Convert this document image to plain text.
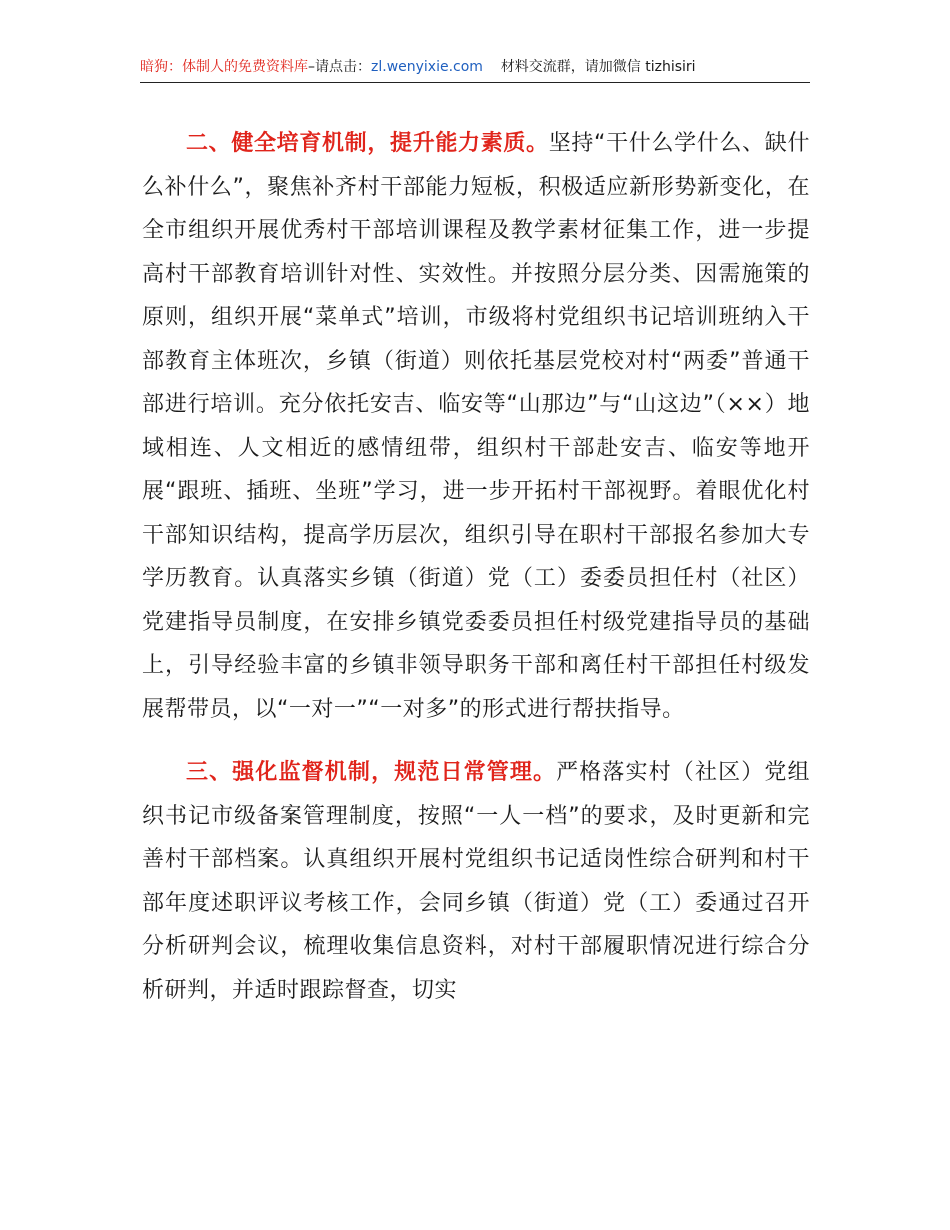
暗狗：体制人的免费资料库–请点击：zl.wenyixie.com 材料交流群，请加微信 tizhisiri

二、健全培育机制，提升能力素质。坚持“干什么学什么、缺什么补什么”，聚焦补齐村干部能力短板，积极适应新形势新变化，在全市组织开展优秀村干部培训课程及教学素材征集工作，进一步提高村干部教育培训针对性、实效性。并按照分层分类、因需施策的原则，组织开展“菜单式”培训，市级将村党组织书记培训班纳入干部教育主体班次，乡镇（街道）则依托基层党校对村“两委”普通干部进行培训。充分依托安吉、临安等“山那边”与“山这边”（××）地域相连、人文相近的感情纽带，组织村干部赴安吉、临安等地开展“跟班、插班、坐班”学习，进一步开拓村干部视野。着眼优化村干部知识结构，提高学历层次，组织引导在职村干部报名参加大专学历教育。认真落实乡镇（街道）党（工）委委员担任村（社区）党建指导员制度，在安排乡镇党委委员担任村级党建指导员的基础上，引导经验丰富的乡镇非领导职务干部和离任村干部担任村级发展帮带员，以“一对一”“一对多”的形式进行帮扶指导。

三、强化监督机制，规范日常管理。严格落实村（社区）党组织书记市级备案管理制度，按照“一人一档”的要求，及时更新和完善村干部档案。认真组织开展村党组织书记适岗性综合研判和村干部年度述职评议考核工作，会同乡镇（街道）党（工）委通过召开分析研判会议，梳理收集信息资料，对村干部履职情况进行综合分析研判，并适时跟踪督查，切实
